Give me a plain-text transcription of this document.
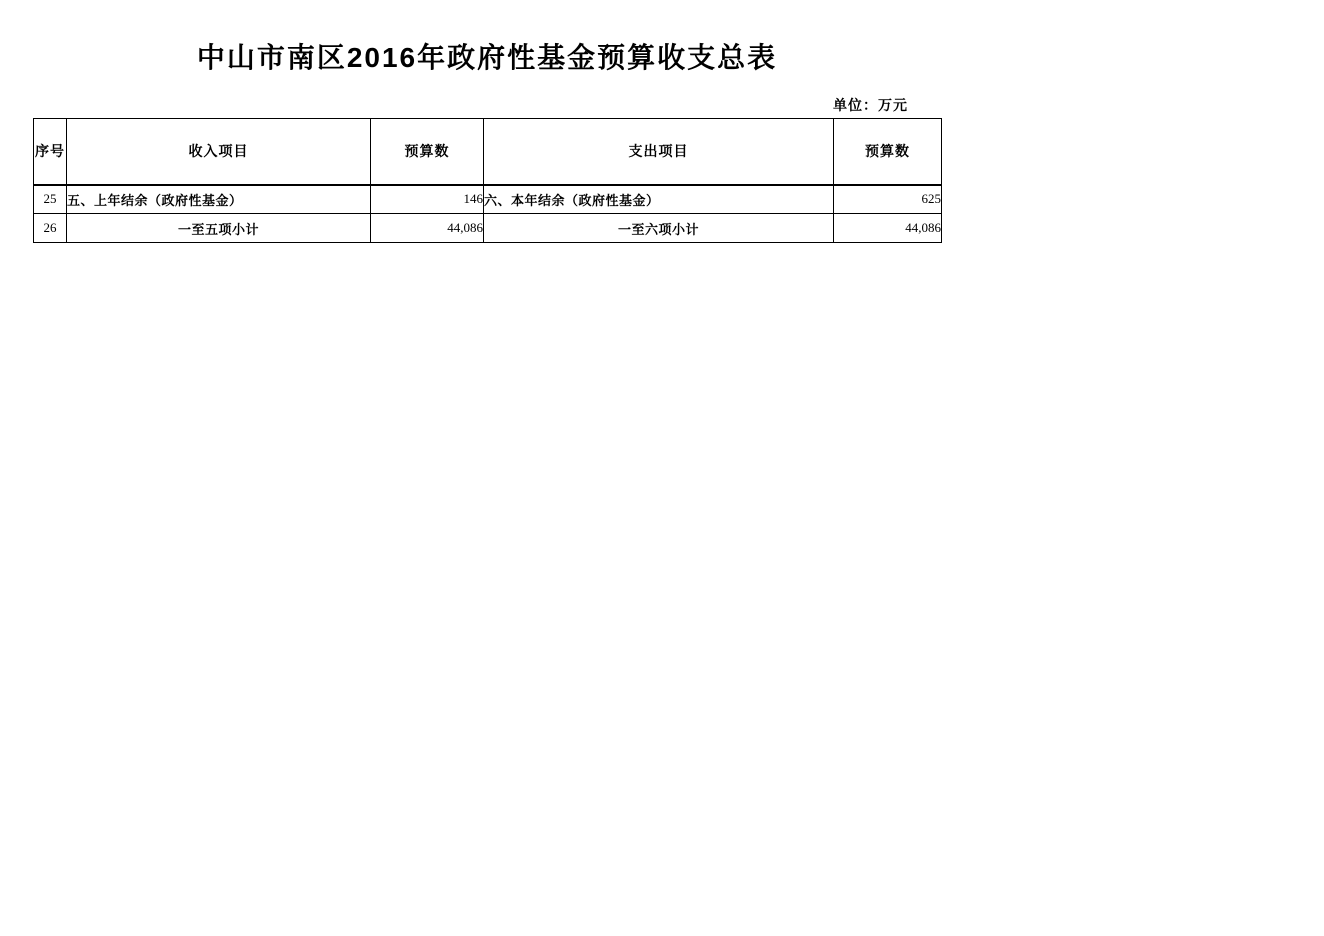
中山市南区2016年政府性基金预算收支总表
单位：万元
序号	收入项目	预算数	支出项目	预算数
25	五、上年结余（政府性基金）	146	六、本年结余（政府性基金）	625
26	一至五项小计	44,086	一至六项小计	44,086
